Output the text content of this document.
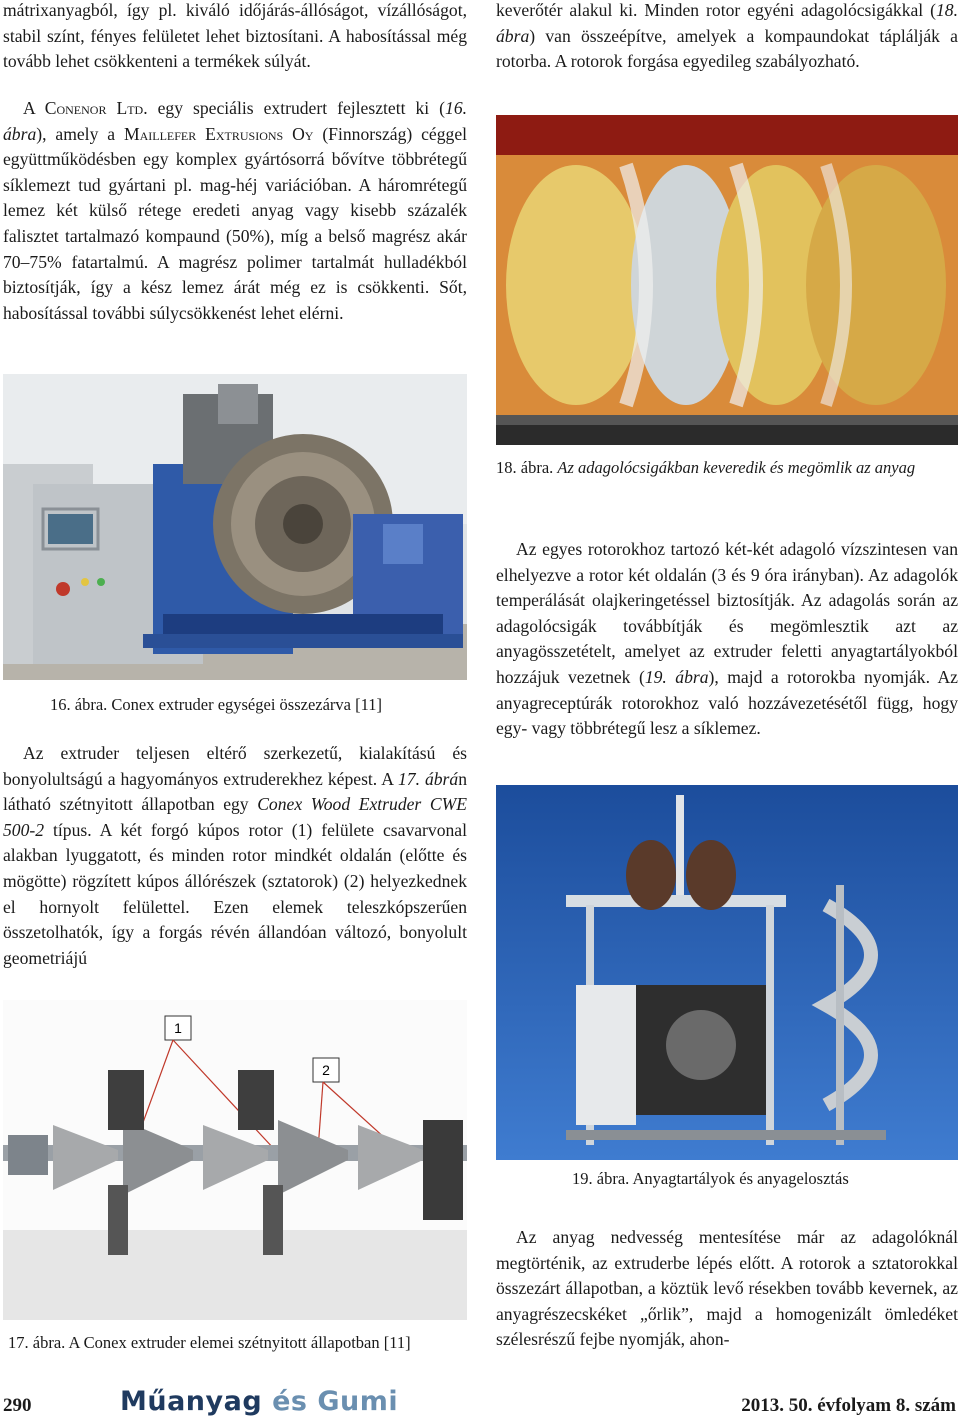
mátrixanyagból, így pl. kiváló időjárás-állóságot, vízállóságot, stabil színt, fényes felületet lehet biztosítani. A habosítással még tovább lehet csökkenteni a termékek súlyát.

A Conenor Ltd. egy speciális extrudert fejlesztett ki (16. ábra), amely a Maillefer Extrusions Oy (Finnország) céggel együttműködésben egy komplex gyártósorrá bővítve többrétegű síklemezt tud gyártani pl. mag-héj variációban. A háromrétegű lemez két külső rétege eredeti anyag vagy kisebb százalék falisztet tartalmazó kompaund (50%), míg a belső magrész akár 70–75% fatartalmú. A magrész polimer tartalmát hulladékból biztosítják, így a kész lemez árát még ez is csökkenti. Sőt, habosítással további súlycsökkenést lehet elérni.

16. ábra. Conex extruder egységei összezárva [11]

Az extruder teljesen eltérő szerkezetű, kialakítású és bonyolultságú a hagyományos extruderekhez képest. A 17. ábrán látható szétnyitott állapotban egy Conex Wood Extruder CWE 500-2 típus. A két forgó kúpos rotor (1) felülete csavarvonal alakban lyuggatott, és minden rotor mindkét oldalán (előtte és mögötte) rögzített kúpos állórészek (sztatorok) (2) helyezkednek el hornyolt felülettel. Ezen elemek teleszkópszerűen összetolhatók, így a forgás révén állandóan változó, bonyolult geometriájú

1
2

17. ábra. A Conex extruder elemei szétnyitott állapotban [11]

keverőtér alakul ki. Minden rotor egyéni adagolócsigákkal (18. ábra) van összeépítve, amelyek a kompaundokat táplálják a rotorba. A rotorok forgása egyedileg szabályozható.

18. ábra. Az adagolócsigákban keveredik és megömlik az anyag

Az egyes rotorokhoz tartozó két-két adagoló vízszintesen van elhelyezve a rotor két oldalán (3 és 9 óra irányban). Az adagolók temperálását olajkeringetéssel biztosítják. Az adagolás során az adagolócsigák továbbítják és megömlesztik azt az anyagösszetételt, amelyet az extruder feletti anyagtartályokból hozzájuk vezetnek (19. ábra), majd a rotorokba nyomják. Az anyagreceptúrák rotorokhoz való hozzávezetésétől függ, hogy egy- vagy többrétegű lesz a síklemez.

19. ábra. Anyagtartályok és anyagelosztás

Az anyag nedvesség mentesítése már az adagolóknál megtörténik, az extruderbe lépés előtt. A rotorok a sztatorokkal összezárt állapotban, a köztük levő résekben tovább kevernek, az anyagrészecskéket „őrlik”, majd a homogenizált ömledéket szélesrészű fejbe nyomják, ahon-

290	Műanyag és Gumi	2013. 50. évfolyam 8. szám
